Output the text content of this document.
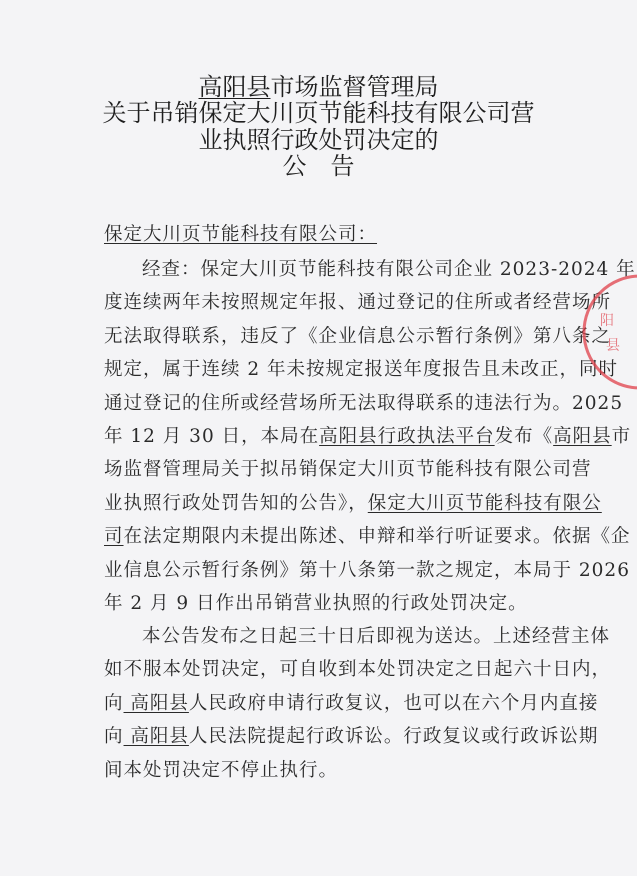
高阳县市场监督管理局
关于吊销保定大川页节能科技有限公司营
业执照行政处罚决定的
公　告
保定大川页节能科技有限公司：
经查：保定大川页节能科技有限公司企业 2023-2024 年
度连续两年未按照规定年报、通过登记的住所或者经营场所
无法取得联系，违反了《企业信息公示暂行条例》第八条之
规定，属于连续 2 年未按规定报送年度报告且未改正，同时
通过登记的住所或经营场所无法取得联系的违法行为。2025
年 12 月 30 日，本局在高阳县行政执法平台发布《高阳县市
场监督管理局关于拟吊销保定大川页节能科技有限公司营
业执照行政处罚告知的公告》，保定大川页节能科技有限公
司在法定期限内未提出陈述、申辩和举行听证要求。依据《企
业信息公示暂行条例》第十八条第一款之规定，本局于 2026
年 2 月 9 日作出吊销营业执照的行政处罚决定。
本公告发布之日起三十日后即视为送达。上述经营主体
如不服本处罚决定，可自收到本处罚决定之日起六十日内，
向 高阳县人民政府申请行政复议，也可以在六个月内直接
向 高阳县人民法院提起行政诉讼。行政复议或行政诉讼期
间本处罚决定不停止执行。
阳
县
